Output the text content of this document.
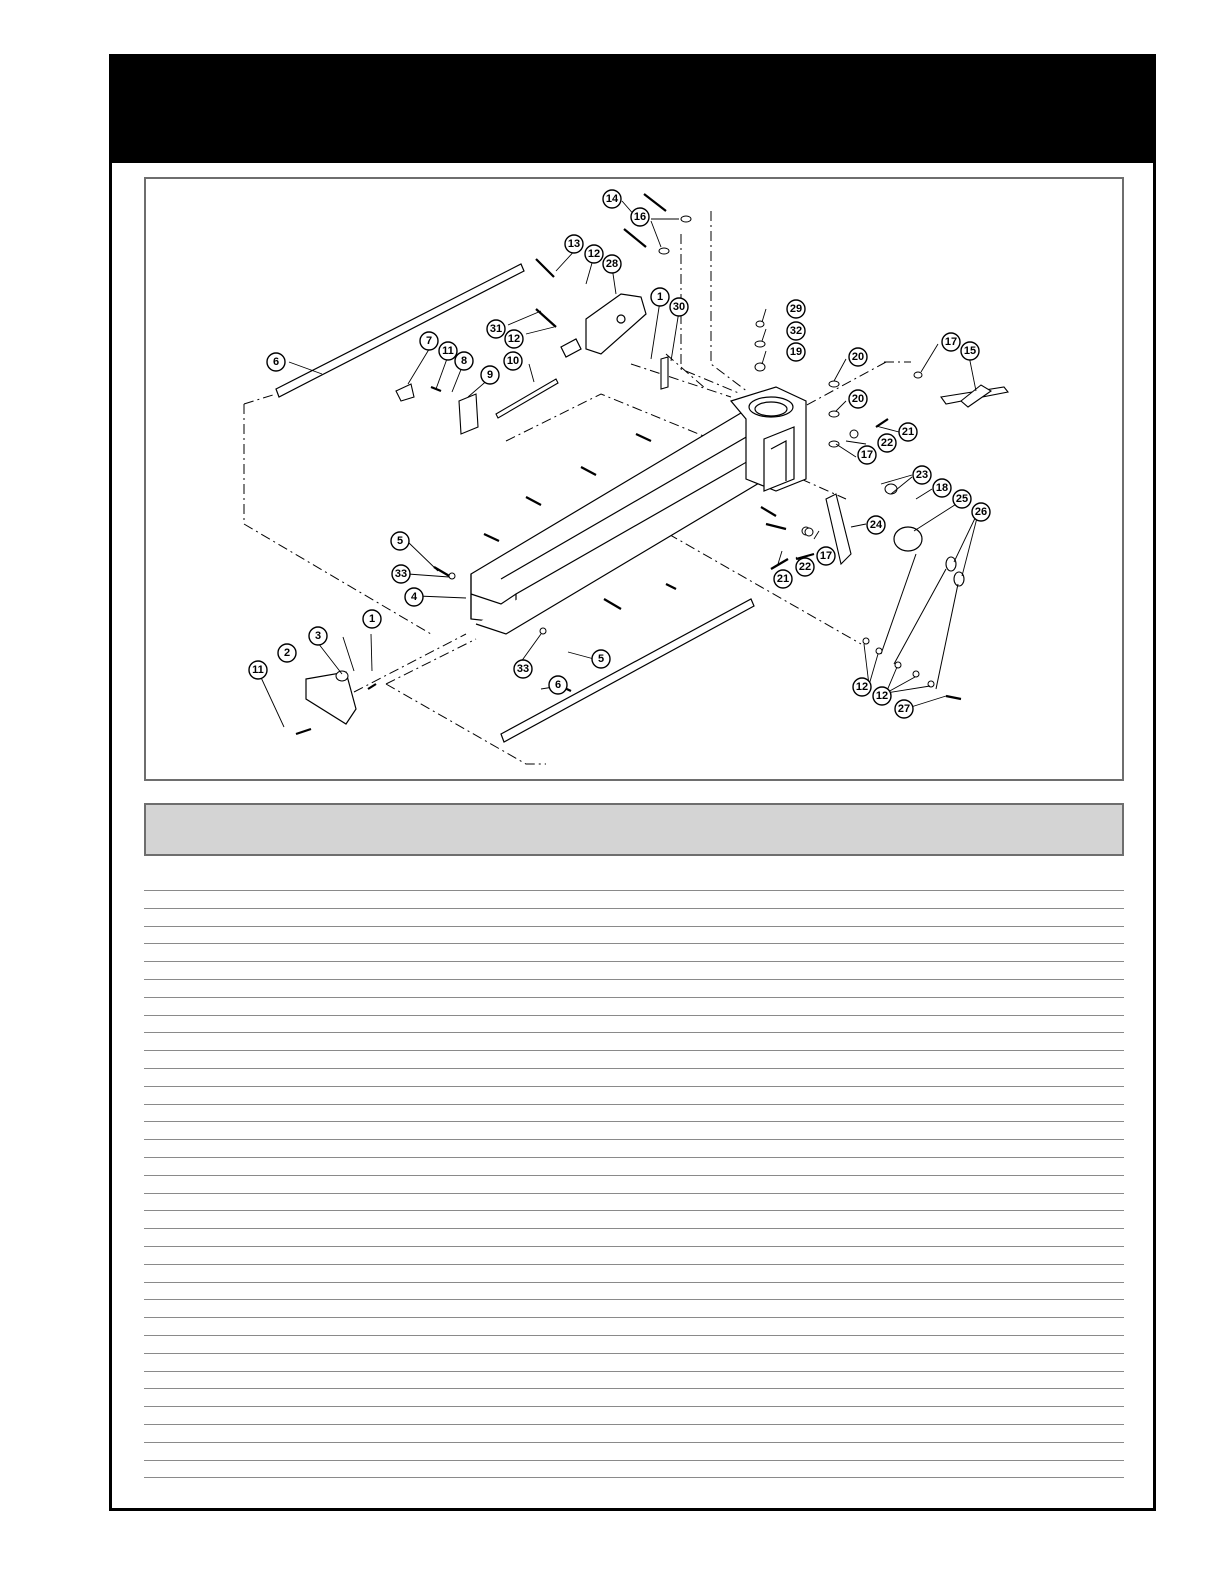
14
16
13
12
28
1
30
31
12
7
11
8
9
10
6
29
32
19	20
17
15
20
21
22
17
23
18
25
26
24
21
22
17
5
33
4
1
3
2
11	33
5
6	12
12
27
